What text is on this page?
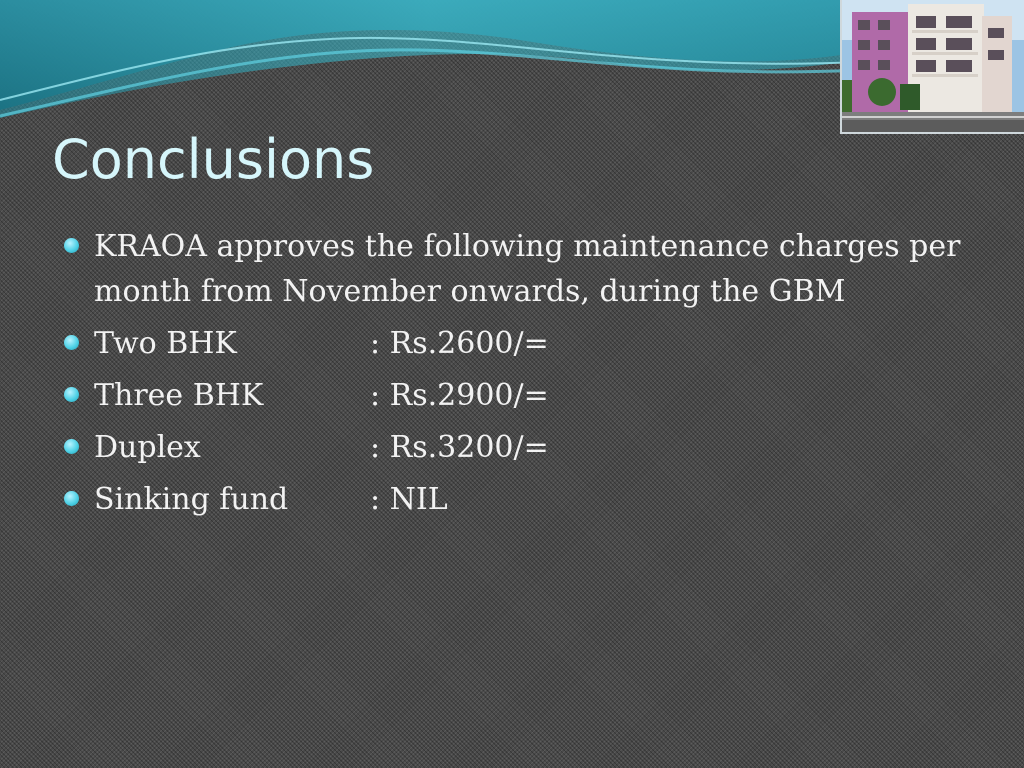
Conclusions
KRAOA approves the following maintenance charges per month from November onwards, during the GBM
Two BHK	: Rs.2600/=
Three BHK	: Rs.2900/=
Duplex	: Rs.3200/=
Sinking fund	: NIL
